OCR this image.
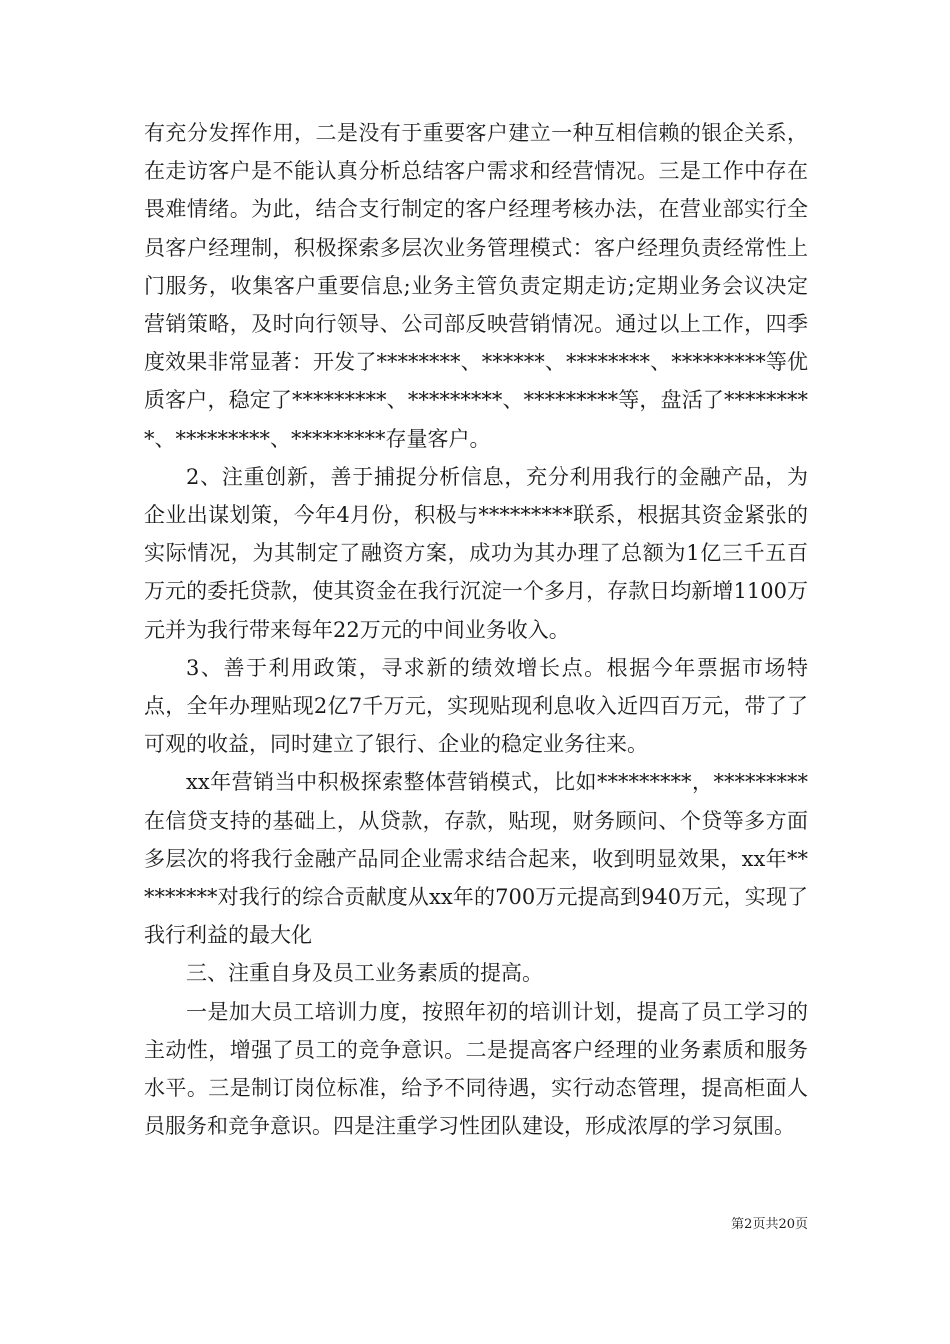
有充分发挥作用，二是没有于重要客户建立一种互相信赖的银企关系，在走访客户是不能认真分析总结客户需求和经营情况。三是工作中存在畏难情绪。为此，结合支行制定的客户经理考核办法，在营业部实行全员客户经理制，积极探索多层次业务管理模式：客户经理负责经常性上门服务，收集客户重要信息;业务主管负责定期走访;定期业务会议决定营销策略，及时向行领导、公司部反映营销情况。通过以上工作，四季度效果非常显著：开发了********、******、********、*********等优质客户，稳定了*********、*********、*********等，盘活了*********、*********、*********存量客户。

2、注重创新，善于捕捉分析信息，充分利用我行的金融产品，为企业出谋划策，今年4月份，积极与*********联系，根据其资金紧张的实际情况，为其制定了融资方案，成功为其办理了总额为1亿三千五百万元的委托贷款，使其资金在我行沉淀一个多月，存款日均新增1100万元并为我行带来每年22万元的中间业务收入。

3、善于利用政策，寻求新的绩效增长点。根据今年票据市场特点，全年办理贴现2亿7千万元，实现贴现利息收入近四百万元，带了了可观的收益，同时建立了银行、企业的稳定业务往来。

xx年营销当中积极探索整体营销模式，比如*********，*********在信贷支持的基础上，从贷款，存款，贴现，财务顾问、个贷等多方面多层次的将我行金融产品同企业需求结合起来，收到明显效果，xx年*********对我行的综合贡献度从xx年的700万元提高到940万元，实现了我行利益的最大化

三、注重自身及员工业务素质的提高。

一是加大员工培训力度，按照年初的培训计划，提高了员工学习的主动性，增强了员工的竞争意识。二是提高客户经理的业务素质和服务水平。三是制订岗位标准，给予不同待遇，实行动态管理，提高柜面人员服务和竞争意识。四是注重学习性团队建设，形成浓厚的学习氛围。

第2页共20页
